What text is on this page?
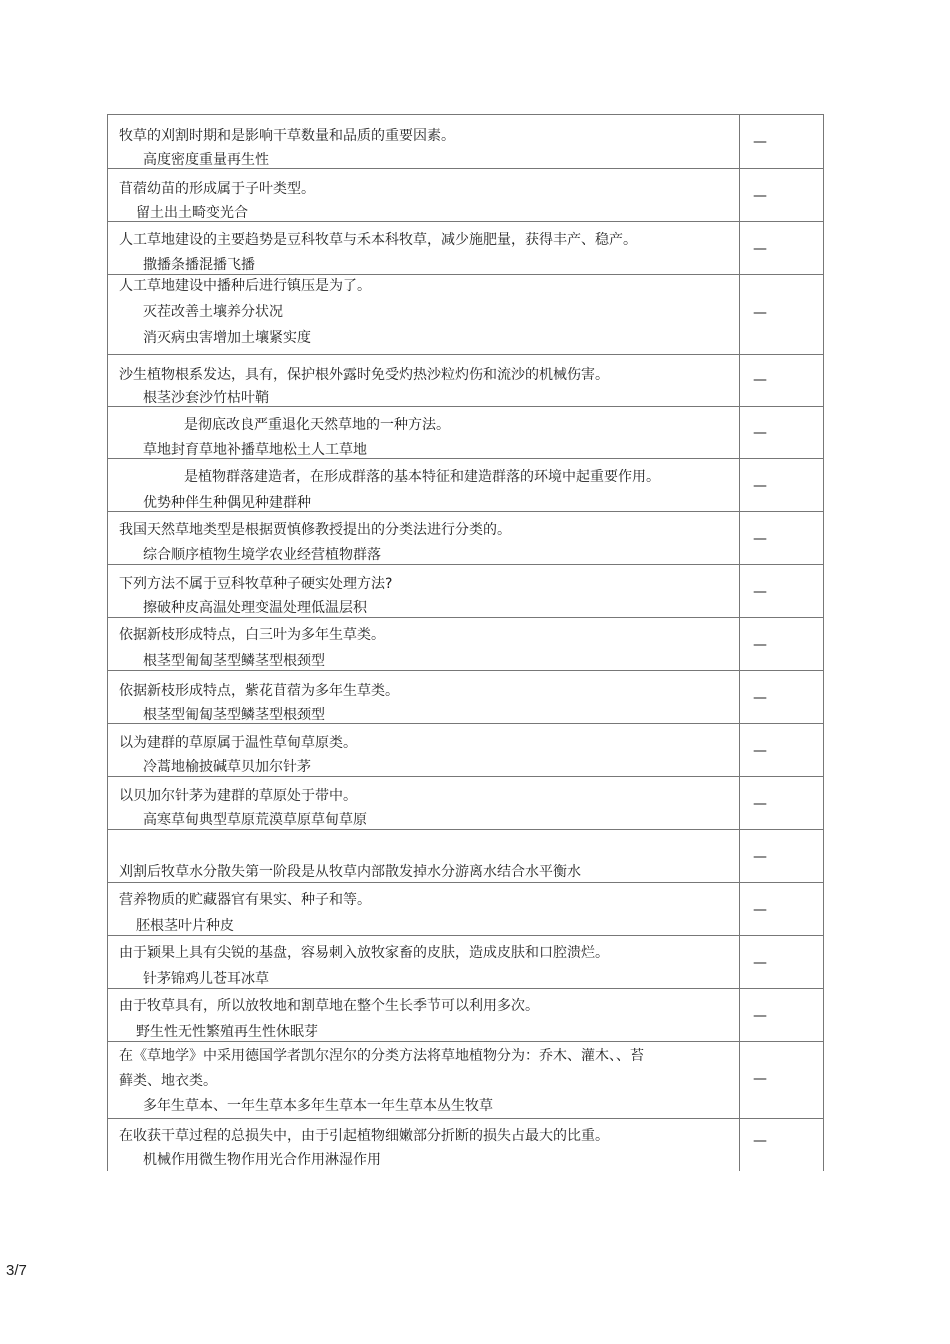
牧草的刈割时期和是影响干草数量和品质的重要因素。
高度密度重量再生性
—
苜蓿幼苗的形成属于子叶类型。
留土出土畸变光合
—
人工草地建设的主要趋势是豆科牧草与禾本科牧草，减少施肥量，获得丰产、稳产。
撒播条播混播飞播
—
人工草地建设中播种后进行镇压是为了。
灭茬改善土壤养分状况
消灭病虫害增加土壤紧实度
—
沙生植物根系发达，具有，保护根外露时免受灼热沙粒灼伤和流沙的机械伤害。
根茎沙套沙竹枯叶鞘
—
是彻底改良严重退化天然草地的一种方法。
草地封育草地补播草地松土人工草地
—
是植物群落建造者，在形成群落的基本特征和建造群落的环境中起重要作用。
优势种伴生种偶见种建群种
—
我国天然草地类型是根据贾慎修教授提出的分类法进行分类的。
综合顺序植物生境学农业经营植物群落
—
下列方法不属于豆科牧草种子硬实处理方法?
擦破种皮高温处理变温处理低温层积
—
依据新枝形成特点，白三叶为多年生草类。
根茎型匍匐茎型鳞茎型根颈型
—
依据新枝形成特点，紫花苜蓿为多年生草类。
根茎型匍匐茎型鳞茎型根颈型
—
以为建群的草原属于温性草甸草原类。
冷蒿地榆披碱草贝加尔针茅
—
以贝加尔针茅为建群的草原处于带中。
高寒草甸典型草原荒漠草原草甸草原
—
刈割后牧草水分散失第一阶段是从牧草内部散发掉水分游离水结合水平衡水
—
营养物质的贮藏器官有果实、种子和等。
胚根茎叶片种皮
—
由于颖果上具有尖锐的基盘，容易刺入放牧家畜的皮肤，造成皮肤和口腔溃烂。
针茅锦鸡儿苍耳冰草
—
由于牧草具有，所以放牧地和割草地在整个生长季节可以利用多次。
野生性无性繁殖再生性休眠芽
—
在《草地学》中采用德国学者凯尔涅尔的分类方法将草地植物分为：乔木、灌木、、苔
藓类、地衣类。
多年生草本、一年生草本多年生草本一年生草本丛生牧草
—
在收获干草过程的总损失中，由于引起植物细嫩部分折断的损失占最大的比重。
机械作用微生物作用光合作用淋湿作用
—
3/7
